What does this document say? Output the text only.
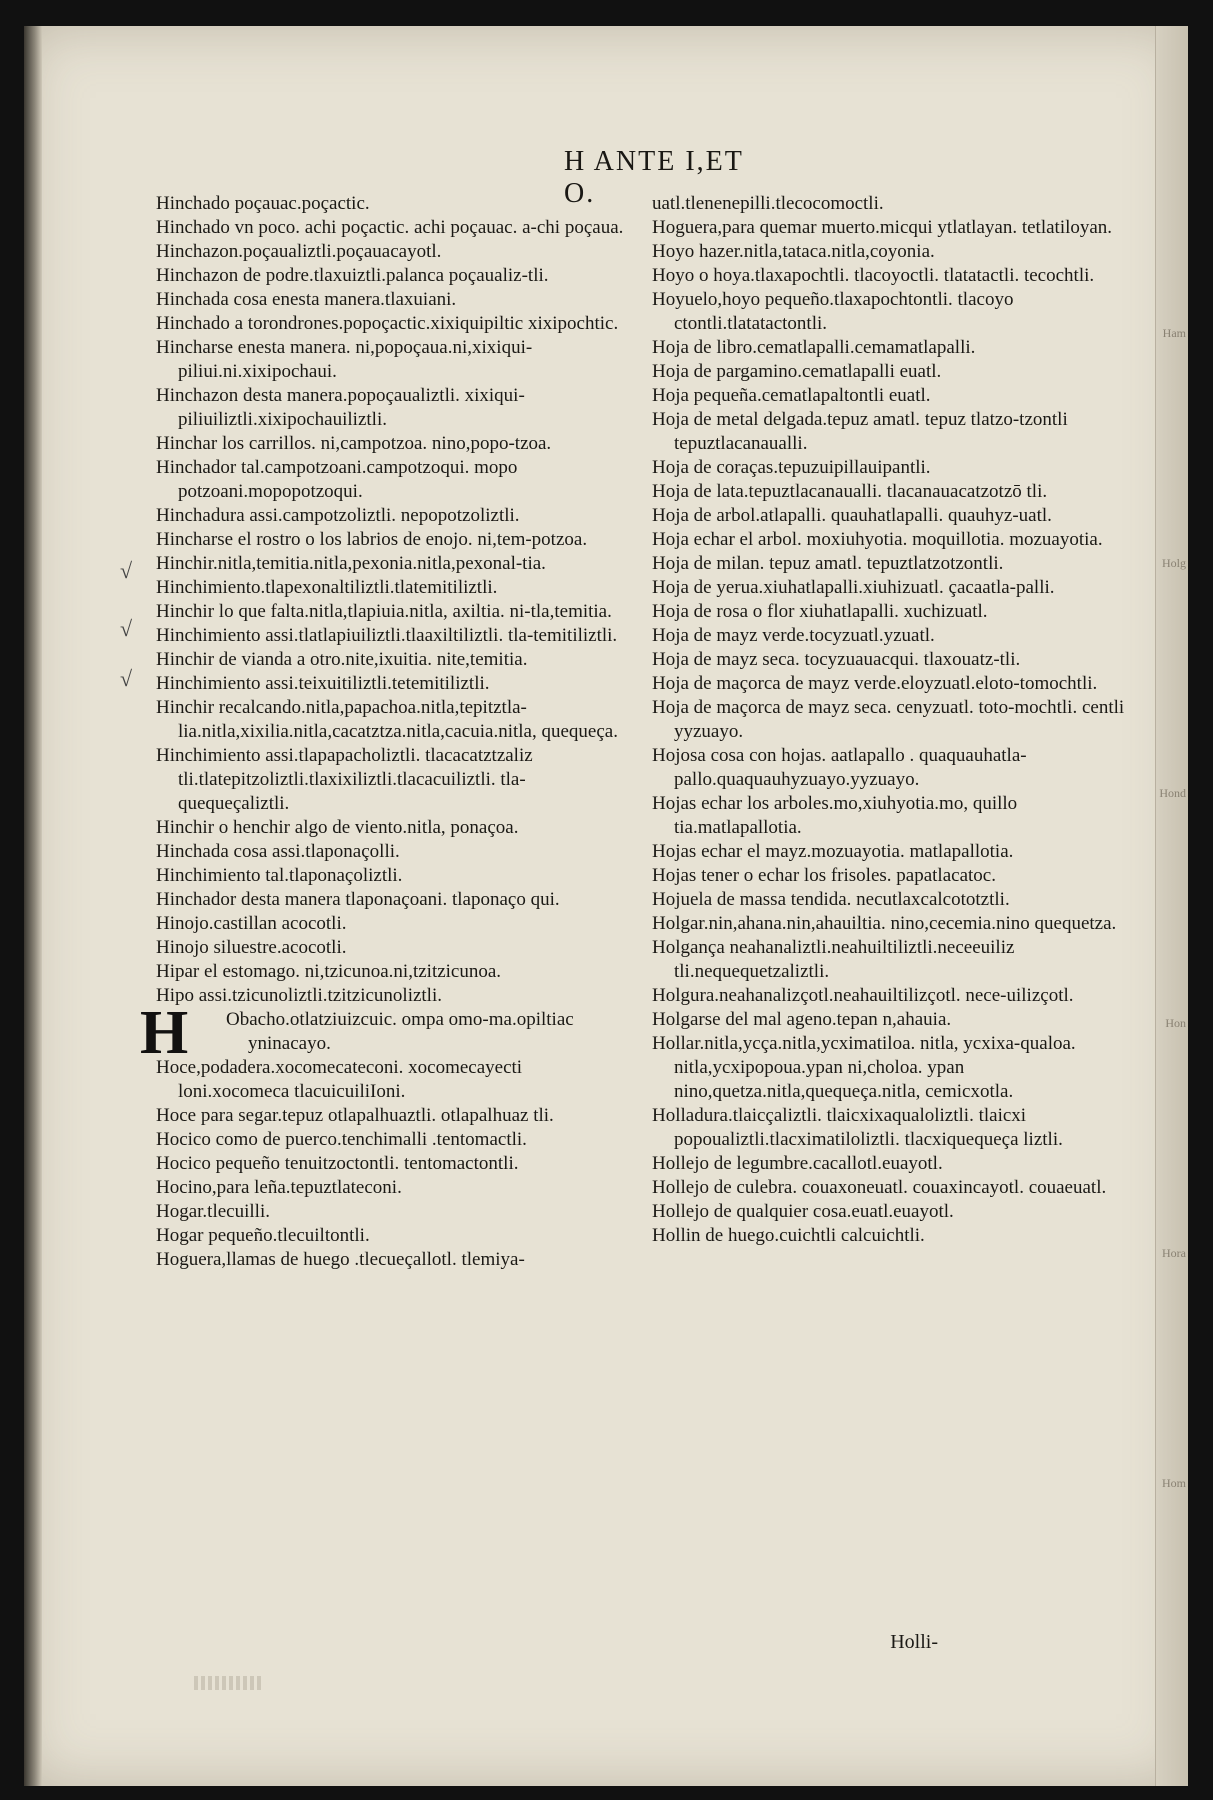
Ham
Holg
Hond
Hon
Hora
Hom
H ANTE I,ET O.
√
√
√

Hinchado poçauac.poçactic.

Hinchado vn poco. achi poçactic. achi poçauac. a-chi poçaua.

Hinchazon.poçaualiztli.poçauacayotl.

Hinchazon de podre.tlaxuiztli.palanca poçaualiz-tli.

Hinchada cosa enesta manera.tlaxuiani.

Hinchado a torondrones.popoçactic.xixiquipiltic xixipochtic.

Hincharse enesta manera. ni,popoçaua.ni,xixiqui-piliui.ni.xixipochaui.

Hinchazon desta manera.popoçaualiztli. xixiqui-piliuiliztli.xixipochauiliztli.

Hinchar los carrillos. ni,campotzoa. nino,popo-tzoa.

Hinchador tal.campotzoani.campotzoqui. mopo potzoani.mopopotzoqui.

Hinchadura assi.campotzoliztli. nepopotzoliztli.

Hincharse el rostro o los labrios de enojo. ni,tem-potzoa.

Hinchir.nitla,temitia.nitla,pexonia.nitla,pexonal-tia.

Hinchimiento.tlapexonaltiliztli.tlatemitiliztli.

Hinchir lo que falta.nitla,tlapiuia.nitla, axiltia. ni-tla,temitia.

Hinchimiento assi.tlatlapiuiliztli.tlaaxiltiliztli. tla-temitiliztli.

Hinchir de vianda a otro.nite,ixuitia. nite,temitia.

Hinchimiento assi.teixuitiliztli.tetemitiliztli.

Hinchir recalcando.nitla,papachoa.nitla,tepitztla-lia.nitla,xixilia.nitla,cacatztza.nitla,cacuia.nitla, quequeça.

Hinchimiento assi.tlapapacholiztli. tlacacatztzaliz tli.tlatepitzoliztli.tlaxixiliztli.tlacacuiliztli. tla-quequeçaliztli.

Hinchir o henchir algo de viento.nitla, ponaçoa.

Hinchada cosa assi.tlaponaçolli.

Hinchimiento tal.tlaponaçoliztli.

Hinchador desta manera tlaponaçoani. tlaponaço qui.

Hinojo.castillan acocotli.

Hinojo siluestre.acocotli.

Hipar el estomago. ni,tzicunoa.ni,tzitzicunoa.

Hipo assi.tzicunoliztli.tzitzicunoliztli.

H Obacho.otlatziuizcuic. ompa omo-ma.opiltiac yninacayo.

Hoce,podadera.xocomecateconi. xocomecayecti loni.xocomeca tlacuicuiliIoni.

Hoce para segar.tepuz otlapalhuaztli. otlapalhuaz tli.

Hocico como de puerco.tenchimalli .tentomactli.

Hocico pequeño tenuitzoctontli. tentomactontli.

Hocino,para leña.tepuztlateconi.

Hogar.tlecuilli.

Hogar pequeño.tlecuiltontli.

Hoguera,llamas de huego .tlecueçallotl. tlemiya-

uatl.tlenenepilli.tlecocomoctli.

Hoguera,para quemar muerto.micqui ytlatlayan. tetlatiloyan.

Hoyo hazer.nitla,tataca.nitla,coyonia.

Hoyo o hoya.tlaxapochtli. tlacoyoctli. tlatatactli. tecochtli.

Hoyuelo,hoyo pequeño.tlaxapochtontli. tlacoyo ctontli.tlatatactontli.

Hoja de libro.cematlapalli.cemamatlapalli.

Hoja de pargamino.cematlapalli euatl.

Hoja pequeña.cematlapaltontli euatl.

Hoja de metal delgada.tepuz amatl. tepuz tlatzo-tzontli tepuztlacanaualli.

Hoja de coraças.tepuzuipillauipantli.

Hoja de lata.tepuztlacanaualli. tlacanauacatzotzō tli.

Hoja de arbol.atlapalli. quauhatlapalli. quauhyz-uatl.

Hoja echar el arbol. moxiuhyotia. moquillotia. mozuayotia.

Hoja de milan. tepuz amatl. tepuztlatzotzontli.

Hoja de yerua.xiuhatlapalli.xiuhizuatl. çacaatla-palli.

Hoja de rosa o flor xiuhatlapalli. xuchizuatl.

Hoja de mayz verde.tocyzuatl.yzuatl.

Hoja de mayz seca. tocyzuauacqui. tlaxouatz-tli.

Hoja de maçorca de mayz verde.eloyzuatl.eloto-tomochtli.

Hoja de maçorca de mayz seca. cenyzuatl. toto-mochtli. centli yyzuayo.

Hojosa cosa con hojas. aatlapallo . quaquauhatla-pallo.quaquauhyzuayo.yyzuayo.

Hojas echar los arboles.mo,xiuhyotia.mo, quillo tia.matlapallotia.

Hojas echar el mayz.mozuayotia. matlapallotia.

Hojas tener o echar los frisoles. papatlacatoc.

Hojuela de massa tendida. necutlaxcalcototztli.

Holgar.nin,ahana.nin,ahauiltia. nino,cecemia.nino quequetza.

Holgança neahanaliztli.neahuiltiliztli.neceeuiliz tli.nequequetzaliztli.

Holgura.neahanalizçotl.neahauiltilizçotl. nece-uilizçotl.

Holgarse del mal ageno.tepan n,ahauia.

Hollar.nitla,ycça.nitla,ycximatiloa. nitla, ycxixa-qualoa. nitla,ycxipopoua.ypan ni,choloa. ypan nino,quetza.nitla,quequeça.nitla, cemicxotla.

Holladura.tlaicçaliztli. tlaicxixaqualoliztli. tlaicxi popoualiztli.tlacximatiloliztli. tlacxiquequeça liztli.

Hollejo de legumbre.cacallotl.euayotl.

Hollejo de culebra. couaxoneuatl. couaxincayotl. couaeuatl.

Hollejo de qualquier cosa.euatl.euayotl.

Hollin de huego.cuichtli calcuichtli.

Holli-
